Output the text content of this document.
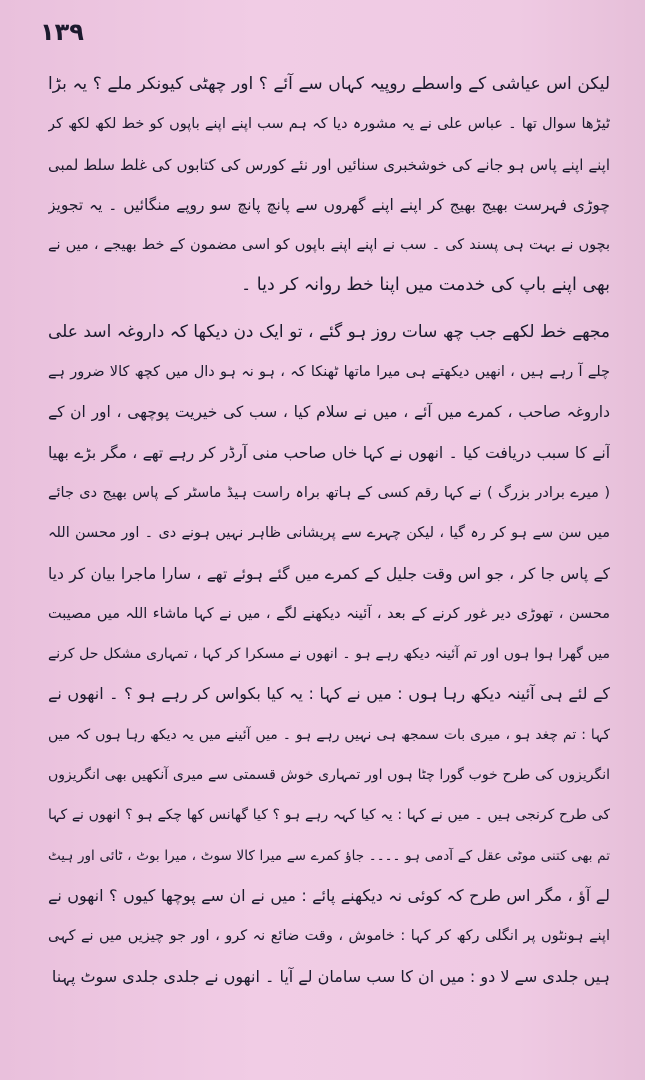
١٣٩
لیکن اس عیاشی کے واسطے روپیہ کہاں سے آئے ؟ اور چھٹی کیونکر ملے ؟ یہ بڑا
ٹیڑھا سوال تھا ۔ عباس علی نے یہ مشورہ دیا کہ ہم سب اپنے اپنے باپوں کو خط لکھ لکھ کر
اپنے اپنے پاس ہو جانے کی خوشخبری سنائیں اور نئے کورس کی کتابوں کی غلط سلط لمبی
چوڑی فہرست بھیج بھیج کر اپنے اپنے گھروں سے پانچ پانچ سو روپے منگائیں ۔ یہ تجویز
بچوں نے بہت ہی پسند کی ۔ سب نے اپنے اپنے باپوں کو اسی مضمون کے خط بھیجے ، میں نے
بھی اپنے باپ کی خدمت میں اپنا خط روانہ کر دیا ۔
مجھے خط لکھے جب چھ سات روز ہو گئے ، تو ایک دن دیکھا کہ داروغہ اسد علی
چلے آ رہے ہیں ، انھیں دیکھتے ہی میرا ماتھا ٹھنکا کہ ، ہو نہ ہو دال میں کچھ کالا ضرور ہے
داروغہ صاحب ، کمرے میں آئے ، میں نے سلام کیا ، سب کی خیریت پوچھی ، اور ان کے
آنے کا سبب دریافت کیا ۔ انھوں نے کہا خاں صاحب منی آرڈر کر رہے تھے ، مگر بڑے بھیا
( میرے برادر بزرگ ) نے کہا رقم کسی کے ہاتھ براہ راست ہیڈ ماسٹر کے پاس بھیج دی جائے
میں سن سے ہو کر رہ گیا ، لیکن چہرے سے پریشانی ظاہر نہیں ہونے دی ۔ اور محسن اللہ
کے پاس جا کر ، جو اس وقت جلیل کے کمرے میں گئے ہوئے تھے ، سارا ماجرا بیان کر دیا
محسن ، تھوڑی دیر غور کرنے کے بعد ، آئینہ دیکھنے لگے ، میں نے کہا ماشاء اللہ میں مصیبت
میں گھرا ہوا ہوں اور تم آئینہ دیکھ رہے ہو ۔ انھوں نے مسکرا کر کہا ، تمہاری مشکل حل کرنے
کے لئے ہی آئینہ دیکھ رہا ہوں : میں نے کہا : یہ کیا بکواس کر رہے ہو ؟ ۔ انھوں نے
کہا : تم چغد ہو ، میری بات سمجھ ہی نہیں رہے ہو ۔ میں آئینے میں یہ دیکھ رہا ہوں کہ میں
انگریزوں کی طرح خوب گورا چٹا ہوں اور تمہاری خوش قسمتی سے میری آنکھیں بھی انگریزوں
کی طرح کرنجی ہیں ۔ میں نے کہا : یہ کیا کہہ رہے ہو ؟ کیا گھانس کھا چکے ہو ؟ انھوں نے کہا
تم بھی کتنی موٹی عقل کے آدمی ہو ۔۔۔۔ جاؤ کمرے سے میرا کالا سوٹ ، میرا بوٹ ، ٹائی اور ہیٹ
لے آؤ ، مگر اس طرح کہ کوئی نہ دیکھنے پائے : میں نے ان سے پوچھا کیوں ؟ انھوں نے
اپنے ہونٹوں پر انگلی رکھ کر کہا : خاموش ، وقت ضائع نہ کرو ، اور جو چیزیں میں نے کہی
ہیں جلدی سے لا دو : میں ان کا سب سامان لے آیا ۔ انھوں نے جلدی جلدی سوٹ پہنا
